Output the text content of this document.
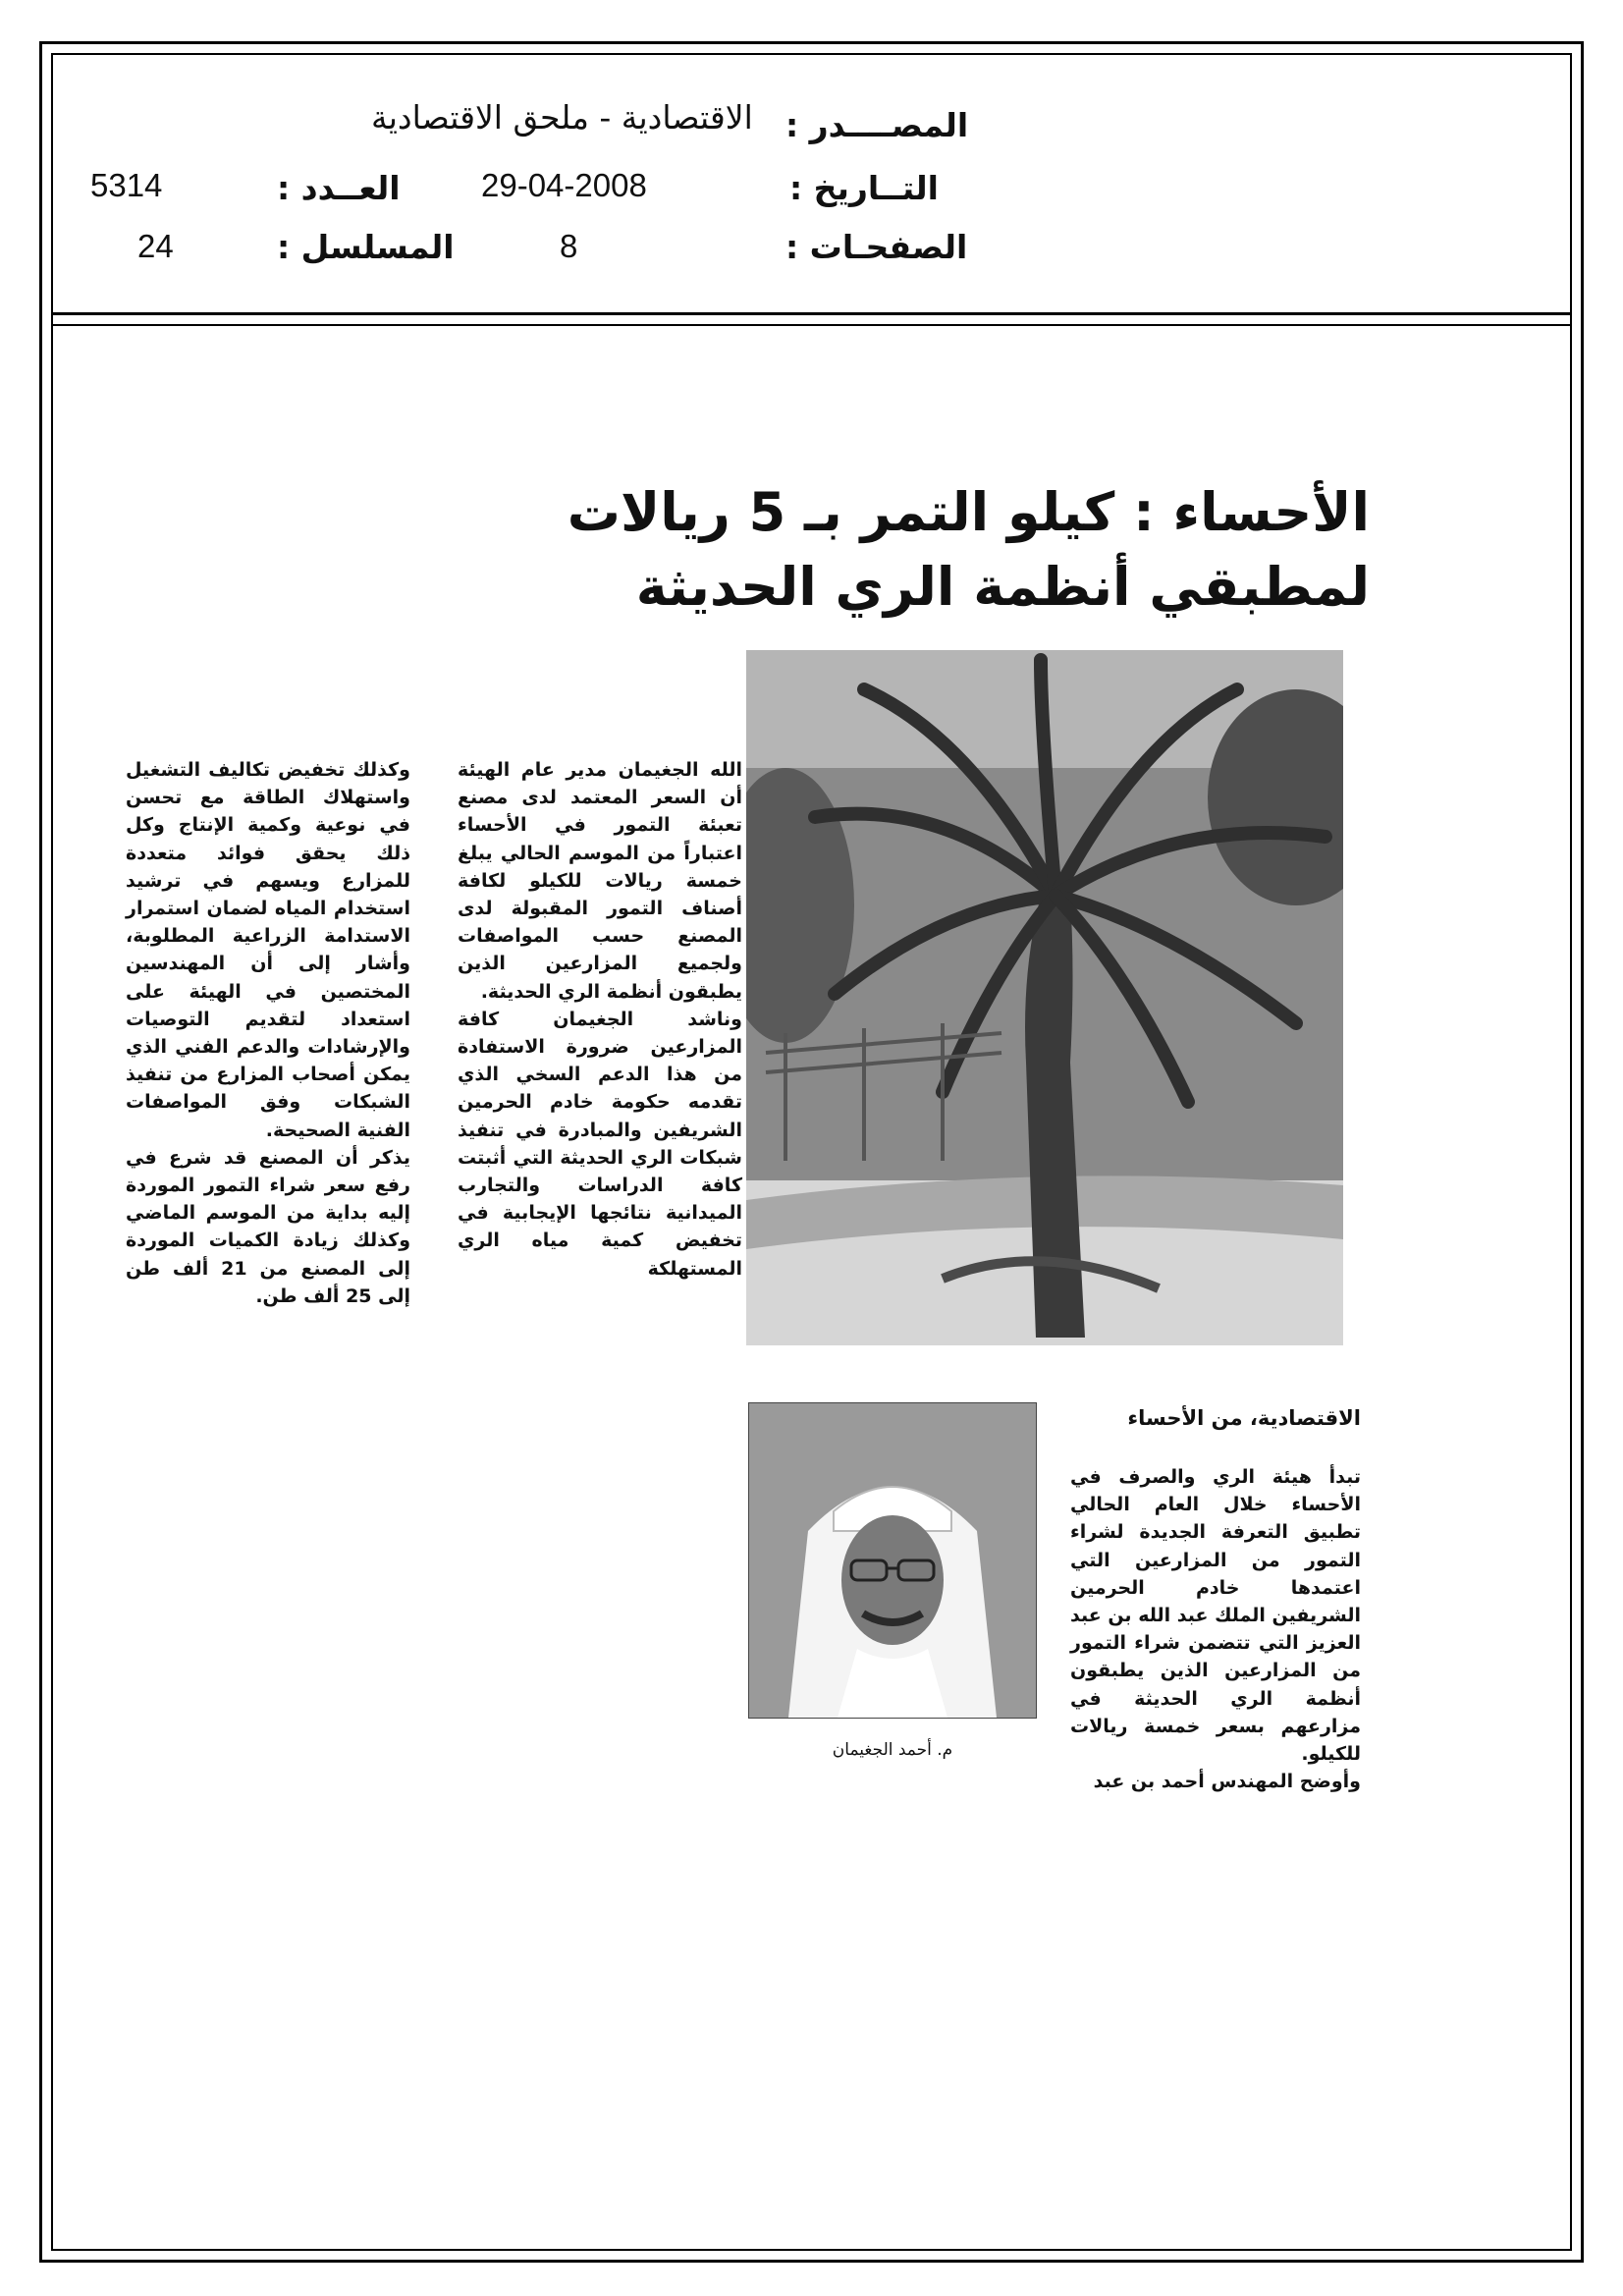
المصــــدر :
الاقتصادية - ملحق الاقتصادية
التــاريخ :
29-04-2008
العــدد :
5314
الصفحـات :
8
المسلسل :
24
الأحساء : كيلو التمر بـ 5 ريالات
لمطبقي أنظمة الري الحديثة
م. أحمد الجغيمان
الاقتصادية، من الأحساء

تبدأ هيئة الري والصرف في الأحساء خلال العام الحالي تطبيق التعرفة الجديدة لشراء التمور من المزارعين التي اعتمدها خادم الحرمين الشريفين الملك عبد الله بن عبد العزيز التي تتضمن شراء التمور من المزارعين الذين يطبقون أنظمة الري الحديثة في مزارعهم بسعر خمسة ريالات للكيلو.

وأوضح المهندس أحمد بن عبد

الله الجغيمان مدير عام الهيئة أن السعر المعتمد لدى مصنع تعبئة التمور في الأحساء اعتباراً من الموسم الحالي يبلغ خمسة ريالات للكيلو لكافة أصناف التمور المقبولة لدى المصنع حسب المواصفات ولجميع المزارعين الذين يطبقون أنظمة الري الحديثة.

وناشد الجغيمان كافة المزارعين ضرورة الاستفادة من هذا الدعم السخي الذي تقدمه حكومة خادم الحرمين الشريفين والمبادرة في تنفيذ شبكات الري الحديثة التي أثبتت كافة الدراسات والتجارب الميدانية نتائجها الإيجابية في تخفيض كمية مياه الري المستهلكة

وكذلك تخفيض تكاليف التشغيل واستهلاك الطاقة مع تحسن في نوعية وكمية الإنتاج وكل ذلك يحقق فوائد متعددة للمزارع ويسهم في ترشيد استخدام المياه لضمان استمرار الاستدامة الزراعية المطلوبة، وأشار إلى أن المهندسين المختصين في الهيئة على استعداد لتقديم التوصيات والإرشادات والدعم الفني الذي يمكن أصحاب المزارع من تنفيذ الشبكات وفق المواصفات الفنية الصحيحة.

يذكر أن المصنع قد شرع في رفع سعر شراء التمور الموردة إليه بداية من الموسم الماضي وكذلك زيادة الكميات الموردة إلى المصنع من 21 ألف طن إلى 25 ألف طن.
